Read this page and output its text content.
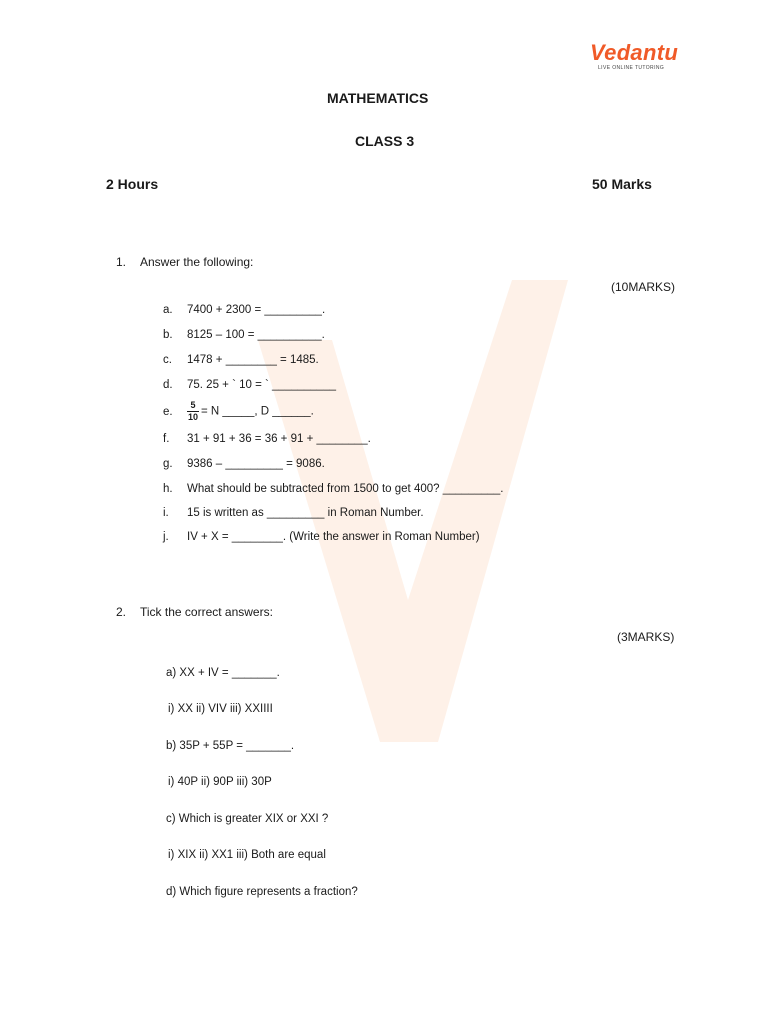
Vedantu
LIVE ONLINE TUTORING
MATHEMATICS
CLASS 3
2 Hours	50 Marks
1. Answer the following:
(10MARKS)
a. 7400 + 2300 = _________.
b. 8125 – 100 = __________.
c. 1478 + ________ = 1485.
d. 75. 25 + ` 10 = ` __________
e. $\frac{5}{10} = N$ _____, D ______.
f. 31 + 91 + 36 = 36 + 91 + ________.
g. 9386 – _________ = 9086.
h. What should be subtracted from 1500 to get 400? _________.
i. 15 is written as _________ in Roman Number.
j. IV + X = ________. (Write the answer in Roman Number)
2. Tick the correct answers:
(3MARKS)
a) XX + IV = _______.
i) XX ii) VIV iii) XXIIII
b) 35P + 55P = _______.
i) 40P ii) 90P iii) 30P
c) Which is greater XIX or XXI ?
i) XIX ii) XX1 iii) Both are equal
d) Which figure represents a fraction?
